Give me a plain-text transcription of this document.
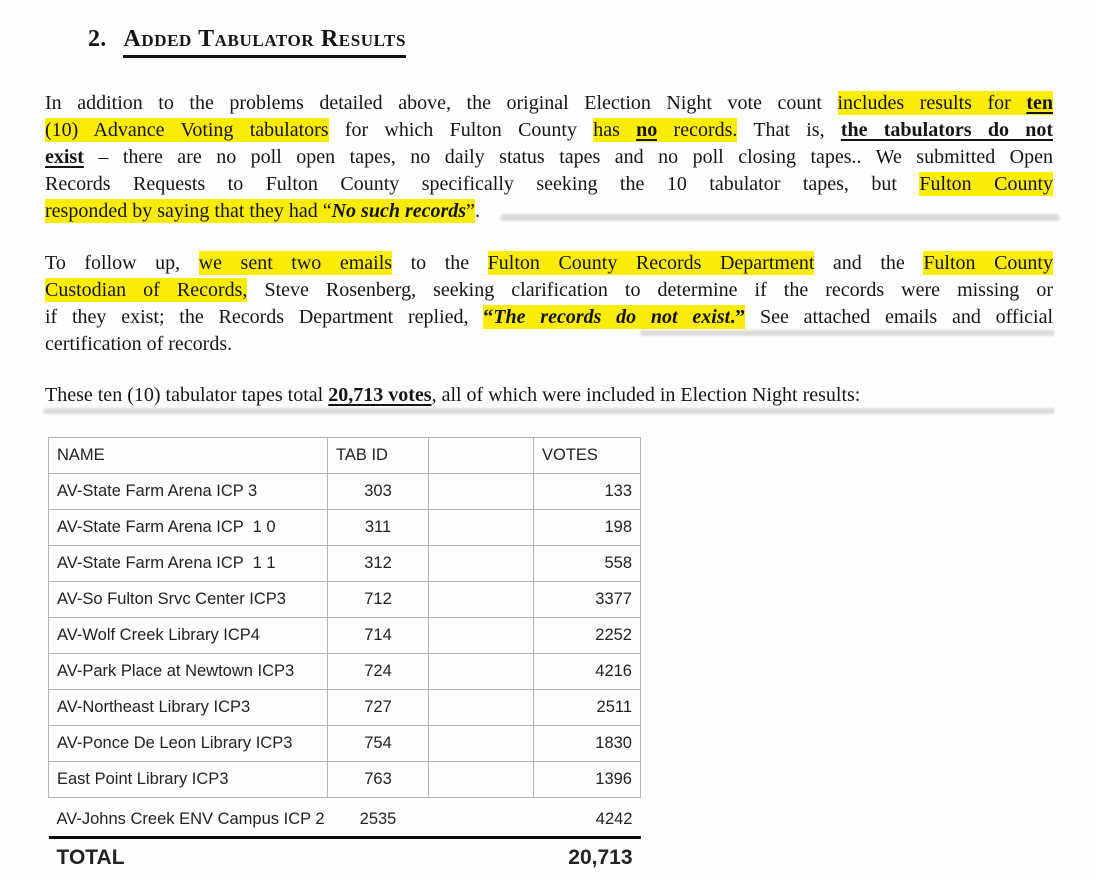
2. Added Tabulator Results
In addition to the problems detailed above, the original Election Night vote count includes results for ten
(10) Advance Voting tabulators for which Fulton County has no records. That is, the tabulators do not
exist – there are no poll open tapes, no daily status tapes and no poll closing tapes.. We submitted Open
Records Requests to Fulton County specifically seeking the 10 tabulator tapes, but Fulton County
responded by saying that they had “No such records”.
To follow up, we sent two emails to the Fulton County Records Department and the Fulton County
Custodian of Records, Steve Rosenberg, seeking clarification to determine if the records were missing or
if they exist; the Records Department replied, “The records do not exist.” See attached emails and official
certification of records.
These ten (10) tabulator tapes total 20,713 votes, all of which were included in Election Night results:
NAME	TAB ID		VOTES
AV-State Farm Arena ICP 3	303		133
AV-State Farm Arena ICP  1 0	311		198
AV-State Farm Arena ICP  1 1	312		558
AV-So Fulton Srvc Center ICP3	712		3377
AV-Wolf Creek Library ICP4	714		2252
AV-Park Place at Newtown ICP3	724		4216
AV-Northeast Library ICP3	727		2511
AV-Ponce De Leon Library ICP3	754		1830
East Point Library ICP3	763		1396
AV-Johns Creek ENV Campus ICP 2	2535		4242
TOTAL			20,713
